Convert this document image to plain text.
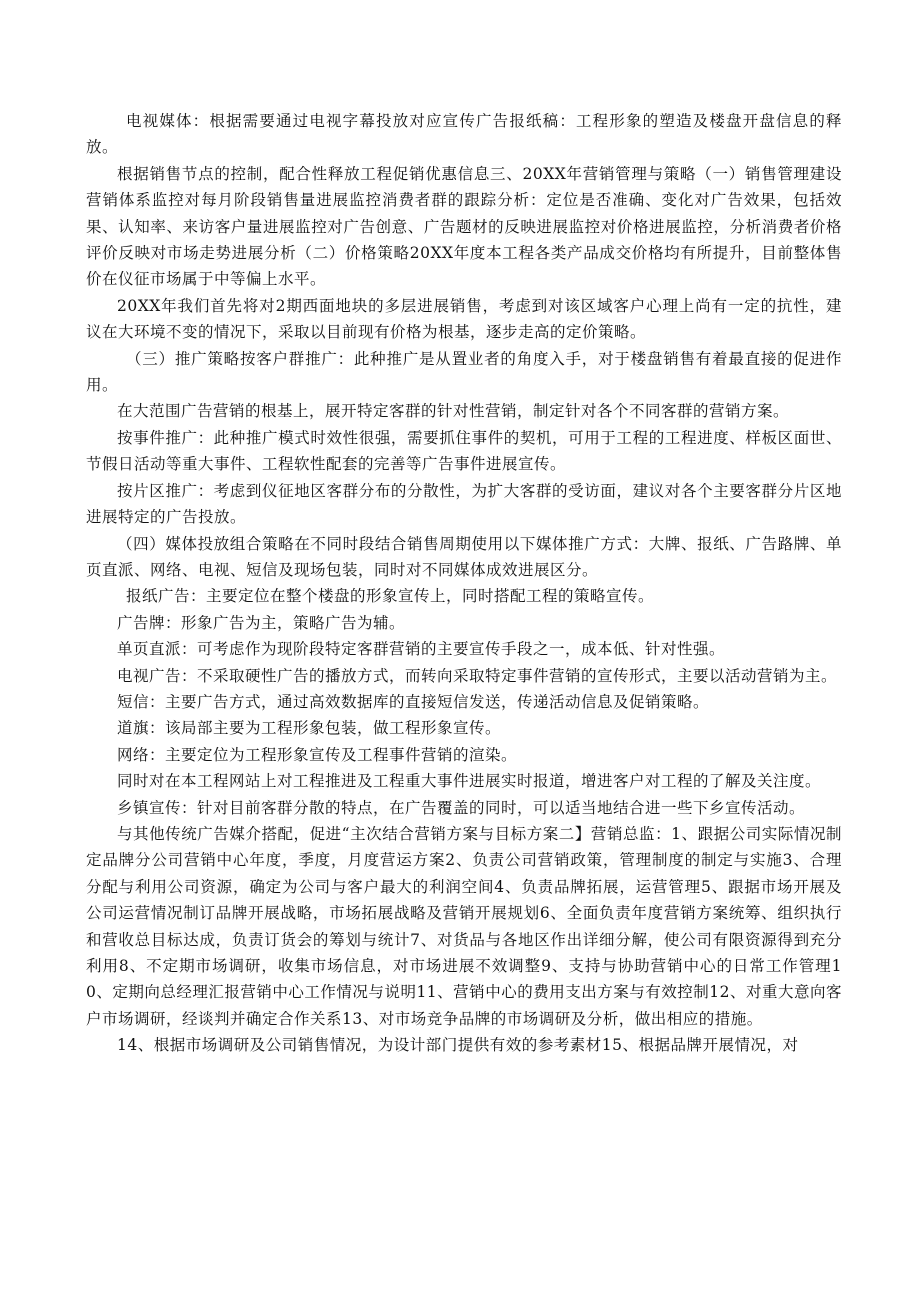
电视媒体：根据需要通过电视字幕投放对应宣传广告报纸稿：工程形象的塑造及楼盘开盘信息的释放。

根据销售节点的控制，配合性释放工程促销优惠信息三、20XX年营销管理与策略（一）销售管理建设营销体系监控对每月阶段销售量进展监控消费者群的跟踪分析：定位是否准确、变化对广告效果，包括效果、认知率、来访客户量进展监控对广告创意、广告题材的反映进展监控对价格进展监控，分析消费者价格评价反映对市场走势进展分析（二）价格策略20XX年度本工程各类产品成交价格均有所提升，目前整体售价在仪征市场属于中等偏上水平。

20XX年我们首先将对2期西面地块的多层进展销售，考虑到对该区域客户心理上尚有一定的抗性，建议在大环境不变的情况下，采取以目前现有价格为根基，逐步走高的定价策略。

（三）推广策略按客户群推广：此种推广是从置业者的角度入手，对于楼盘销售有着最直接的促进作用。

在大范围广告营销的根基上，展开特定客群的针对性营销，制定针对各个不同客群的营销方案。

按事件推广：此种推广模式时效性很强，需要抓住事件的契机，可用于工程的工程进度、样板区面世、节假日活动等重大事件、工程软性配套的完善等广告事件进展宣传。

按片区推广：考虑到仪征地区客群分布的分散性，为扩大客群的受访面，建议对各个主要客群分片区地进展特定的广告投放。

（四）媒体投放组合策略在不同时段结合销售周期使用以下媒体推广方式：大牌、报纸、广告路牌、单页直派、网络、电视、短信及现场包装，同时对不同媒体成效进展区分。

报纸广告：主要定位在整个楼盘的形象宣传上，同时搭配工程的策略宣传。

广告牌：形象广告为主，策略广告为辅。

单页直派：可考虑作为现阶段特定客群营销的主要宣传手段之一，成本低、针对性强。

电视广告：不采取硬性广告的播放方式，而转向采取特定事件营销的宣传形式，主要以活动营销为主。

短信：主要广告方式，通过高效数据库的直接短信发送，传递活动信息及促销策略。

道旗：该局部主要为工程形象包装，做工程形象宣传。

网络：主要定位为工程形象宣传及工程事件营销的渲染。

同时对在本工程网站上对工程推进及工程重大事件进展实时报道，增进客户对工程的了解及关注度。

乡镇宣传：针对目前客群分散的特点，在广告覆盖的同时，可以适当地结合进一些下乡宣传活动。

与其他传统广告媒介搭配，促进“主次结合营销方案与目标方案二】营销总监：1、跟据公司实际情况制定品牌分公司营销中心年度，季度，月度营运方案2、负责公司营销政策，管理制度的制定与实施3、合理分配与利用公司资源，确定为公司与客户最大的利润空间4、负责品牌拓展，运营管理5、跟据市场开展及公司运营情况制订品牌开展战略，市场拓展战略及营销开展规划6、全面负责年度营销方案统筹、组织执行和营收总目标达成，负责订货会的筹划与统计7、对货品与各地区作出详细分解，使公司有限资源得到充分利用8、不定期市场调研，收集市场信息，对市场进展不效调整9、支持与协助营销中心的日常工作管理10、定期向总经理汇报营销中心工作情况与说明11、营销中心的费用支出方案与有效控制12、对重大意向客户市场调研，经谈判并确定合作关系13、对市场竞争品牌的市场调研及分析，做出相应的措施。

14、根据市场调研及公司销售情况，为设计部门提供有效的参考素材15、根据品牌开展情况，对
